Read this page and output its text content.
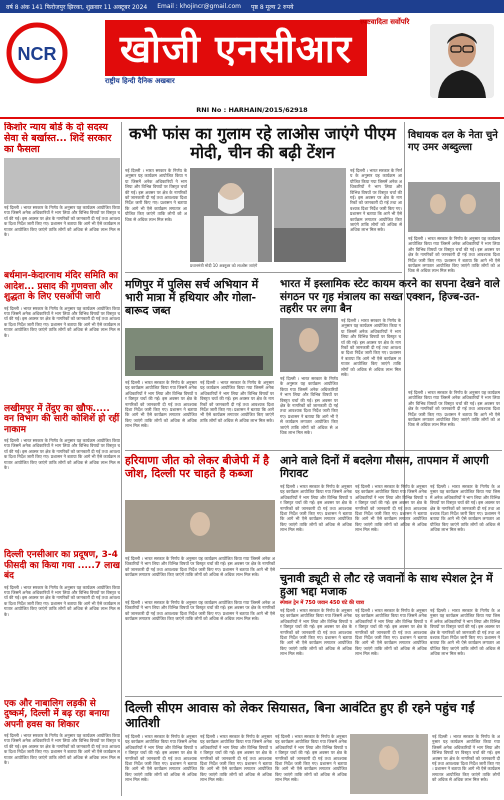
वर्ष 8 अंक 141 फिरोजपुर झिरका, शुक्रवार 11 अक्टूबर 2024 Email : khojincr@gmail.com पृष्ठ 8 मूल्य 2 रुपये
NCR	खोजी एनसीआर
स्पष्टवादिता सर्वोपरि
राष्ट्रीय हिन्दी दैनिक अखबार
RNI No : HARHAIN/2015/62918
किशोर न्याय बोर्ड के दो सदस्य सेवा से बर्खास्त... शिदें सरकार का फैसला
नई दिल्ली । भारत सरकार के निर्णय के अनुसार यह कार्यक्रम आयोजित किया गया जिसमें अनेक अधिकारियों ने भाग लिया और विभिन्न विषयों पर विस्तृत चर्चा की गई। इस अवसर पर क्षेत्र के नागरिकों को जानकारी दी गई तथा आवश्यक दिशा निर्देश जारी किए गए। प्रशासन ने बताया कि आगे भी ऐसे कार्यक्रम लगातार आयोजित किए जाएंगे ताकि लोगों को अधिक से अधिक लाभ मिल सके।
बर्धमान-केदारनाथ मंदिर समिति का आदेश... प्रसाद की गुणवत्ता और शुद्धता के लिए एसओपी जारी
नई दिल्ली । भारत सरकार के निर्णय के अनुसार यह कार्यक्रम आयोजित किया गया जिसमें अनेक अधिकारियों ने भाग लिया और विभिन्न विषयों पर विस्तृत चर्चा की गई। इस अवसर पर क्षेत्र के नागरिकों को जानकारी दी गई तथा आवश्यक दिशा निर्देश जारी किए गए। प्रशासन ने बताया कि आगे भी ऐसे कार्यक्रम लगातार आयोजित किए जाएंगे ताकि लोगों को अधिक से अधिक लाभ मिल सके।
लखीमपुर में तेंदुए का खौफ..... वन विभाग की सारी कोशिशें हो रहीं नाकाम
नई दिल्ली । भारत सरकार के निर्णय के अनुसार यह कार्यक्रम आयोजित किया गया जिसमें अनेक अधिकारियों ने भाग लिया और विभिन्न विषयों पर विस्तृत चर्चा की गई। इस अवसर पर क्षेत्र के नागरिकों को जानकारी दी गई तथा आवश्यक दिशा निर्देश जारी किए गए। प्रशासन ने बताया कि आगे भी ऐसे कार्यक्रम लगातार आयोजित किए जाएंगे ताकि लोगों को अधिक से अधिक लाभ मिल सके।
दिल्ली एनसीआर का प्रदूषण, 3-4 फीसदी का किया गया .....7 लाख बंद
नई दिल्ली । भारत सरकार के निर्णय के अनुसार यह कार्यक्रम आयोजित किया गया जिसमें अनेक अधिकारियों ने भाग लिया और विभिन्न विषयों पर विस्तृत चर्चा की गई। इस अवसर पर क्षेत्र के नागरिकों को जानकारी दी गई तथा आवश्यक दिशा निर्देश जारी किए गए। प्रशासन ने बताया कि आगे भी ऐसे कार्यक्रम लगातार आयोजित किए जाएंगे ताकि लोगों को अधिक से अधिक लाभ मिल सके।
एक और नाबालिग लड़की से दुष्कर्म, दिल्ली में बढ़ रहा बनाया अपनी हवस का शिकार
नई दिल्ली । भारत सरकार के निर्णय के अनुसार यह कार्यक्रम आयोजित किया गया जिसमें अनेक अधिकारियों ने भाग लिया और विभिन्न विषयों पर विस्तृत चर्चा की गई। इस अवसर पर क्षेत्र के नागरिकों को जानकारी दी गई तथा आवश्यक दिशा निर्देश जारी किए गए। प्रशासन ने बताया कि आगे भी ऐसे कार्यक्रम लगातार आयोजित किए जाएंगे ताकि लोगों को अधिक से अधिक लाभ मिल सके।
कभी फांस का गुलाम रहे लाओस जाएंगे पीएम मोदी, चीन की बढ़ी टेंशन
नई दिल्ली । भारत सरकार के निर्णय के अनुसार यह कार्यक्रम आयोजित किया गया जिसमें अनेक अधिकारियों ने भाग लिया और विभिन्न विषयों पर विस्तृत चर्चा की गई। इस अवसर पर क्षेत्र के नागरिकों को जानकारी दी गई तथा आवश्यक दिशा निर्देश जारी किए गए। प्रशासन ने बताया कि आगे भी ऐसे कार्यक्रम लगातार आयोजित किए जाएंगे ताकि लोगों को अधिक से अधिक लाभ मिल सके।
प्रधानमंत्री मोदी 10 अक्टूबर को लाओस जाएंगे
नई दिल्ली । भारत सरकार के निर्णय के अनुसार यह कार्यक्रम आयोजित किया गया जिसमें अनेक अधिकारियों ने भाग लिया और विभिन्न विषयों पर विस्तृत चर्चा की गई। इस अवसर पर क्षेत्र के नागरिकों को जानकारी दी गई तथा आवश्यक दिशा निर्देश जारी किए गए। प्रशासन ने बताया कि आगे भी ऐसे कार्यक्रम लगातार आयोजित किए जाएंगे ताकि लोगों को अधिक से अधिक लाभ मिल सके।
विधायक दल के नेता चुने गए उमर अब्दुल्ला
नई दिल्ली । भारत सरकार के निर्णय के अनुसार यह कार्यक्रम आयोजित किया गया जिसमें अनेक अधिकारियों ने भाग लिया और विभिन्न विषयों पर विस्तृत चर्चा की गई। इस अवसर पर क्षेत्र के नागरिकों को जानकारी दी गई तथा आवश्यक दिशा निर्देश जारी किए गए। प्रशासन ने बताया कि आगे भी ऐसे कार्यक्रम लगातार आयोजित किए जाएंगे ताकि लोगों को अधिक से अधिक लाभ मिल सके।
मणिपुर में पुलिस सर्च अभियान में भारी मात्रा में हथियार और गोला-बारूद जब्त
नई दिल्ली । भारत सरकार के निर्णय के अनुसार यह कार्यक्रम आयोजित किया गया जिसमें अनेक अधिकारियों ने भाग लिया और विभिन्न विषयों पर विस्तृत चर्चा की गई। इस अवसर पर क्षेत्र के नागरिकों को जानकारी दी गई तथा आवश्यक दिशा निर्देश जारी किए गए। प्रशासन ने बताया कि आगे भी ऐसे कार्यक्रम लगातार आयोजित किए जाएंगे ताकि लोगों को अधिक से अधिक लाभ मिल सके।
नई दिल्ली । भारत सरकार के निर्णय के अनुसार यह कार्यक्रम आयोजित किया गया जिसमें अनेक अधिकारियों ने भाग लिया और विभिन्न विषयों पर विस्तृत चर्चा की गई। इस अवसर पर क्षेत्र के नागरिकों को जानकारी दी गई तथा आवश्यक दिशा निर्देश जारी किए गए। प्रशासन ने बताया कि आगे भी ऐसे कार्यक्रम लगातार आयोजित किए जाएंगे ताकि लोगों को अधिक से अधिक लाभ मिल सके।
भारत में इस्लामिक स्टेट कायम करने का सपना देखने वाले संगठन पर गृह मंत्रालय का सख्त एक्शन, हिज्ब-उत-तहरीर पर लगा बैन
नई दिल्ली । भारत सरकार के निर्णय के अनुसार यह कार्यक्रम आयोजित किया गया जिसमें अनेक अधिकारियों ने भाग लिया और विभिन्न विषयों पर विस्तृत चर्चा की गई। इस अवसर पर क्षेत्र के नागरिकों को जानकारी दी गई तथा आवश्यक दिशा निर्देश जारी किए गए। प्रशासन ने बताया कि आगे भी ऐसे कार्यक्रम लगातार आयोजित किए जाएंगे ताकि लोगों को अधिक से अधिक लाभ मिल सके।
नई दिल्ली । भारत सरकार के निर्णय के अनुसार यह कार्यक्रम आयोजित किया गया जिसमें अनेक अधिकारियों ने भाग लिया और विभिन्न विषयों पर विस्तृत चर्चा की गई। इस अवसर पर क्षेत्र के नागरिकों को जानकारी दी गई तथा आवश्यक दिशा निर्देश जारी किए गए। प्रशासन ने बताया कि आगे भी ऐसे कार्यक्रम लगातार आयोजित किए जाएंगे ताकि लोगों को अधिक से अधिक लाभ मिल सके।
नई दिल्ली । भारत सरकार के निर्णय के अनुसार यह कार्यक्रम आयोजित किया गया जिसमें अनेक अधिकारियों ने भाग लिया और विभिन्न विषयों पर विस्तृत चर्चा की गई। इस अवसर पर क्षेत्र के नागरिकों को जानकारी दी गई तथा आवश्यक दिशा निर्देश जारी किए गए। प्रशासन ने बताया कि आगे भी ऐसे कार्यक्रम लगातार आयोजित किए जाएंगे ताकि लोगों को अधिक से अधिक लाभ मिल सके।
आने वाले दिनों में बदलेगा मौसम, तापमान में आएगी गिरावट
नई दिल्ली । भारत सरकार के निर्णय के अनुसार यह कार्यक्रम आयोजित किया गया जिसमें अनेक अधिकारियों ने भाग लिया और विभिन्न विषयों पर विस्तृत चर्चा की गई। इस अवसर पर क्षेत्र के नागरिकों को जानकारी दी गई तथा आवश्यक दिशा निर्देश जारी किए गए। प्रशासन ने बताया कि आगे भी ऐसे कार्यक्रम लगातार आयोजित किए जाएंगे ताकि लोगों को अधिक से अधिक लाभ मिल सके।
नई दिल्ली । भारत सरकार के निर्णय के अनुसार यह कार्यक्रम आयोजित किया गया जिसमें अनेक अधिकारियों ने भाग लिया और विभिन्न विषयों पर विस्तृत चर्चा की गई। इस अवसर पर क्षेत्र के नागरिकों को जानकारी दी गई तथा आवश्यक दिशा निर्देश जारी किए गए। प्रशासन ने बताया कि आगे भी ऐसे कार्यक्रम लगातार आयोजित किए जाएंगे ताकि लोगों को अधिक से अधिक लाभ मिल सके।
नई दिल्ली । भारत सरकार के निर्णय के अनुसार यह कार्यक्रम आयोजित किया गया जिसमें अनेक अधिकारियों ने भाग लिया और विभिन्न विषयों पर विस्तृत चर्चा की गई। इस अवसर पर क्षेत्र के नागरिकों को जानकारी दी गई तथा आवश्यक दिशा निर्देश जारी किए गए। प्रशासन ने बताया कि आगे भी ऐसे कार्यक्रम लगातार आयोजित किए जाएंगे ताकि लोगों को अधिक से अधिक लाभ मिल सके।
हरियाणा जीत को लेकर बीजेपी में है जोश, दिल्ली पर चाहते है कब्जा
नई दिल्ली । भारत सरकार के निर्णय के अनुसार यह कार्यक्रम आयोजित किया गया जिसमें अनेक अधिकारियों ने भाग लिया और विभिन्न विषयों पर विस्तृत चर्चा की गई। इस अवसर पर क्षेत्र के नागरिकों को जानकारी दी गई तथा आवश्यक दिशा निर्देश जारी किए गए। प्रशासन ने बताया कि आगे भी ऐसे कार्यक्रम लगातार आयोजित किए जाएंगे ताकि लोगों को अधिक से अधिक लाभ मिल सके।	चुनावी ड्यूटी से लौट रहे जवानों के साथ स्पेशल ट्रेन में हुआ भद्दा मजाक
स्पेशल ट्रेन में 750 जवान 450 घंटे की यात्रा
नई दिल्ली । भारत सरकार के निर्णय के अनुसार यह कार्यक्रम आयोजित किया गया जिसमें अनेक अधिकारियों ने भाग लिया और विभिन्न विषयों पर विस्तृत चर्चा की गई। इस अवसर पर क्षेत्र के नागरिकों को जानकारी दी गई तथा आवश्यक दिशा निर्देश जारी किए गए। प्रशासन ने बताया कि आगे भी ऐसे कार्यक्रम लगातार आयोजित किए जाएंगे ताकि लोगों को अधिक से अधिक लाभ मिल सके।
नई दिल्ली । भारत सरकार के निर्णय के अनुसार यह कार्यक्रम आयोजित किया गया जिसमें अनेक अधिकारियों ने भाग लिया और विभिन्न विषयों पर विस्तृत चर्चा की गई। इस अवसर पर क्षेत्र के नागरिकों को जानकारी दी गई तथा आवश्यक दिशा निर्देश जारी किए गए। प्रशासन ने बताया कि आगे भी ऐसे कार्यक्रम लगातार आयोजित किए जाएंगे ताकि लोगों को अधिक से अधिक लाभ मिल सके।
नई दिल्ली । भारत सरकार के निर्णय के अनुसार यह कार्यक्रम आयोजित किया गया जिसमें अनेक अधिकारियों ने भाग लिया और विभिन्न विषयों पर विस्तृत चर्चा की गई। इस अवसर पर क्षेत्र के नागरिकों को जानकारी दी गई तथा आवश्यक दिशा निर्देश जारी किए गए। प्रशासन ने बताया कि आगे भी ऐसे कार्यक्रम लगातार आयोजित किए जाएंगे ताकि लोगों को अधिक से अधिक लाभ मिल सके।
नई दिल्ली । भारत सरकार के निर्णय के अनुसार यह कार्यक्रम आयोजित किया गया जिसमें अनेक अधिकारियों ने भाग लिया और विभिन्न विषयों पर विस्तृत चर्चा की गई। इस अवसर पर क्षेत्र के नागरिकों को जानकारी दी गई तथा आवश्यक दिशा निर्देश जारी किए गए। प्रशासन ने बताया कि आगे भी ऐसे कार्यक्रम लगातार आयोजित किए जाएंगे ताकि लोगों को अधिक से अधिक लाभ मिल सके।
दिल्ली सीएम आवास को लेकर सियासत, बिना आवंटित हुए ही रहने पहुंच गईं आतिशी
नई दिल्ली । भारत सरकार के निर्णय के अनुसार यह कार्यक्रम आयोजित किया गया जिसमें अनेक अधिकारियों ने भाग लिया और विभिन्न विषयों पर विस्तृत चर्चा की गई। इस अवसर पर क्षेत्र के नागरिकों को जानकारी दी गई तथा आवश्यक दिशा निर्देश जारी किए गए। प्रशासन ने बताया कि आगे भी ऐसे कार्यक्रम लगातार आयोजित किए जाएंगे ताकि लोगों को अधिक से अधिक लाभ मिल सके।
नई दिल्ली । भारत सरकार के निर्णय के अनुसार यह कार्यक्रम आयोजित किया गया जिसमें अनेक अधिकारियों ने भाग लिया और विभिन्न विषयों पर विस्तृत चर्चा की गई। इस अवसर पर क्षेत्र के नागरिकों को जानकारी दी गई तथा आवश्यक दिशा निर्देश जारी किए गए। प्रशासन ने बताया कि आगे भी ऐसे कार्यक्रम लगातार आयोजित किए जाएंगे ताकि लोगों को अधिक से अधिक लाभ मिल सके।
नई दिल्ली । भारत सरकार के निर्णय के अनुसार यह कार्यक्रम आयोजित किया गया जिसमें अनेक अधिकारियों ने भाग लिया और विभिन्न विषयों पर विस्तृत चर्चा की गई। इस अवसर पर क्षेत्र के नागरिकों को जानकारी दी गई तथा आवश्यक दिशा निर्देश जारी किए गए। प्रशासन ने बताया कि आगे भी ऐसे कार्यक्रम लगातार आयोजित किए जाएंगे ताकि लोगों को अधिक से अधिक लाभ मिल सके।
नई दिल्ली । भारत सरकार के निर्णय के अनुसार यह कार्यक्रम आयोजित किया गया जिसमें अनेक अधिकारियों ने भाग लिया और विभिन्न विषयों पर विस्तृत चर्चा की गई। इस अवसर पर क्षेत्र के नागरिकों को जानकारी दी गई तथा आवश्यक दिशा निर्देश जारी किए गए। प्रशासन ने बताया कि आगे भी ऐसे कार्यक्रम लगातार आयोजित किए जाएंगे ताकि लोगों को अधिक से अधिक लाभ मिल सके।
